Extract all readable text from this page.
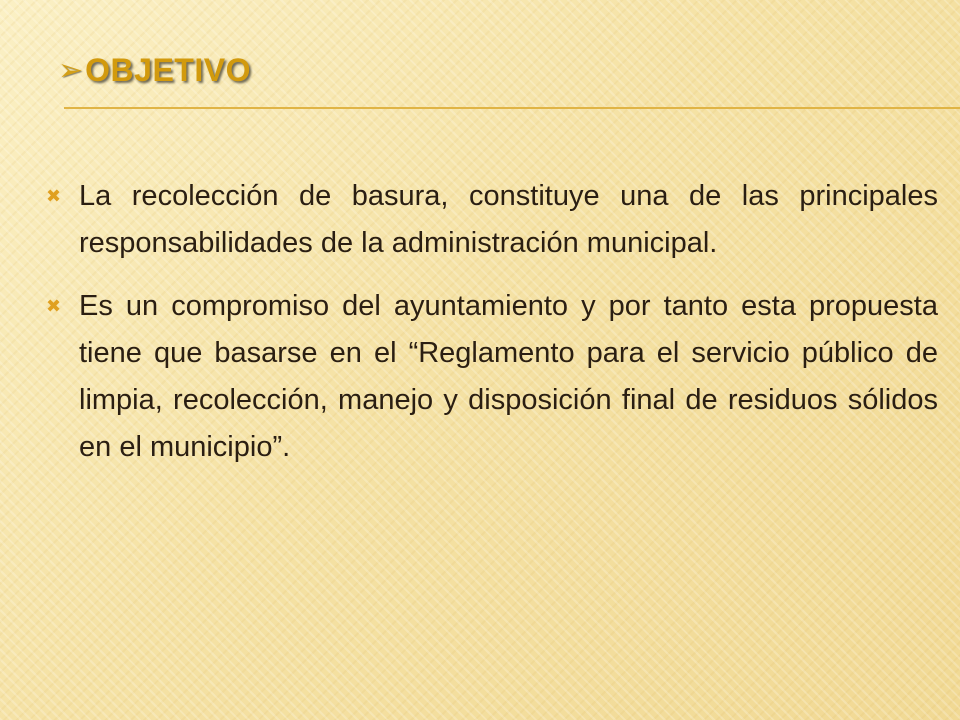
➢ OBJETIVO
✖ La recolección de basura, constituye una de las principales responsabilidades de la administración municipal.
✖ Es un compromiso del ayuntamiento y por tanto esta propuesta tiene que basarse en el “Reglamento para el servicio público de limpia, recolección, manejo y disposición final de residuos sólidos en el municipio”.
